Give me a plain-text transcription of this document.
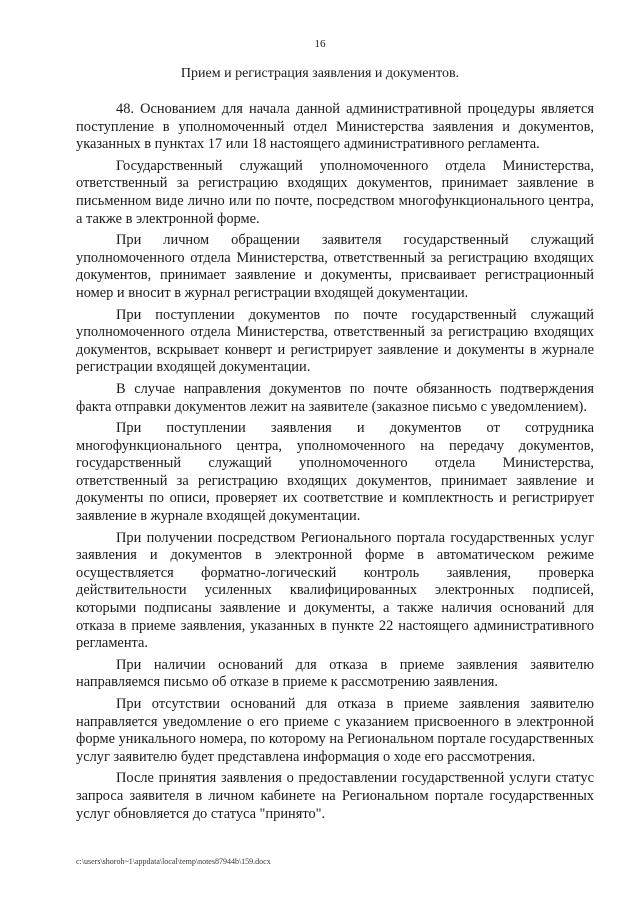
16
Прием и регистрация заявления и документов.

48. Основанием для начала данной административной процедуры является поступление в уполномоченный отдел Министерства заявления и документов, указанных в пунктах 17 или 18 настоящего административного регламента.

Государственный служащий уполномоченного отдела Министерства, ответственный за регистрацию входящих документов, принимает заявление в письменном виде лично или по почте, посредством многофункционального центра, а также в электронной форме.

При личном обращении заявителя государственный служащий уполномоченного отдела Министерства, ответственный за регистрацию входящих документов, принимает заявление и документы, присваивает регистрационный номер и вносит в журнал регистрации входящей документации.

При поступлении документов по почте государственный служащий уполномоченного отдела Министерства, ответственный за регистрацию входящих документов, вскрывает конверт и регистрирует заявление и документы в журнале регистрации входящей документации.

В случае направления документов по почте обязанность подтверждения факта отправки документов лежит на заявителе (заказное письмо с уведомлением).

При поступлении заявления и документов от сотрудника многофункционального центра, уполномоченного на передачу документов, государственный служащий уполномоченного отдела Министерства, ответственный за регистрацию входящих документов, принимает заявление и документы по описи, проверяет их соответствие и комплектность и регистрирует заявление в журнале входящей документации.

При получении посредством Регионального портала государственных услуг заявления и документов в электронной форме в автоматическом режиме осуществляется форматно-логический контроль заявления, проверка действительности усиленных квалифицированных электронных подписей, которыми подписаны заявление и документы, а также наличия оснований для отказа в приеме заявления, указанных в пункте 22 настоящего административного регламента.

При наличии оснований для отказа в приеме заявления заявителю направляемся письмо об отказе в приеме к рассмотрению заявления.

При отсутствии оснований для отказа в приеме заявления заявителю направляется уведомление о его приеме с указанием присвоенного в электронной форме уникального номера, по которому на Региональном портале государственных услуг заявителю будет представлена информация о ходе его рассмотрения.

После принятия заявления о предоставлении государственной услуги статус запроса заявителя в личном кабинете на Региональном портале государственных услуг обновляется до статуса "принято".

c:\users\shoroh~1\appdata\local\temp\notes87944b\159.docx
